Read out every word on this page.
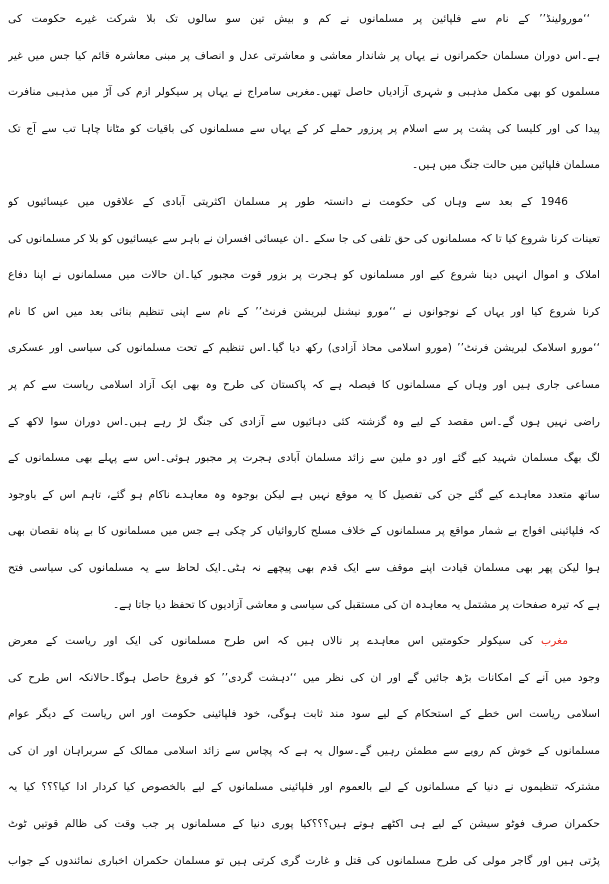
‘‘مورولینڈ’’ کے نام سے فلپائین پر مسلمانوں نے کم و بیش تین سو سالوں تک بلا شرکت غیرے حکومت کی
ہے۔اس دوران مسلمان حکمرانوں نے یہاں پر شاندار معاشی و معاشرتی عدل و انصاف پر مبنی معاشرہ قائم کیا جس میں غیر
مسلموں کو بھی مکمل مذہبی و شہری آزادیاں حاصل تھیں۔مغربی سامراج نے یہاں پر سیکولر ازم کی آڑ میں مذہبی منافرت
پیدا کی اور کلیسا کی پشت پر سے اسلام پر پرزور حملے کر کے یہاں سے مسلمانوں کی باقیات کو مٹانا چاہا تب سے آج تک
مسلمان فلپائین میں حالت جنگ میں ہیں۔
1946 کے بعد سے وہاں کی حکومت نے دانستہ طور پر مسلمان اکثریتی آبادی کے علاقوں میں عیسائیوں کو
تعینات کرنا شروع کیا تا کہ مسلمانوں کی حق تلفی کی جا سکے ۔ان عیسائی افسران نے باہر سے عیسائیوں کو بلا کر مسلمانوں کی
املاک و اموال انہیں دینا شروع کیے اور مسلمانوں کو ہجرت پر بزور قوت مجبور کیا۔ان حالات میں مسلمانوں نے اپنا دفاع
کرنا شروع کیا اور یہاں کے نوجوانوں نے ‘‘مورو نیشنل لبریشن فرنٹ’’ کے نام سے اپنی تنظیم بنائی بعد میں اس کا نام
‘‘مورو اسلامک لبریشن فرنٹ’’ (مورو اسلامی محاذ آزادی) رکھ دیا گیا۔اس تنظیم کے تحت مسلمانوں کی سیاسی اور عسکری
مساعی جاری ہیں اور وہاں کے مسلمانوں کا فیصلہ ہے کہ پاکستان کی طرح وہ بھی ایک آزاد اسلامی ریاست سے کم پر
راضی نہیں ہوں گے۔اس مقصد کے لیے وہ گزشتہ کئی دہائیوں سے آزادی کی جنگ لڑ رہے ہیں۔اس دوران سوا لاکھ کے
لگ بھگ مسلمان شہید کیے گئے اور دو ملین سے زائد مسلمان آبادی ہجرت پر مجبور ہوئی۔اس سے پہلے بھی مسلمانوں کے
ساتھ متعدد معاہدے کیے گئے جن کی تفصیل کا یہ موقع نہیں ہے لیکن بوجوہ وہ معاہدے ناکام ہو گئے، تاہم اس کے باوجود
کہ فلپائینی افواج بے شمار مواقع پر مسلمانوں کے خلاف مسلح کاروائیاں کر چکی ہے جس میں مسلمانوں کا بے پناہ نقصان بھی
ہوا لیکن پھر بھی مسلمان قیادت اپنے موقف سے ایک قدم بھی پیچھے نہ ہٹی۔ایک لحاظ سے یہ مسلمانوں کی سیاسی فتح
ہے کہ تیرہ صفحات پر مشتمل یہ معاہدہ ان کی مستقبل کی سیاسی و معاشی آزادیوں کا تحفظ دیا جاتا ہے۔
مغرب کی سیکولر حکومتیں اس معاہدے پر نالاں ہیں کہ اس طرح مسلمانوں کی ایک اور ریاست کے معرض
وجود میں آنے کے امکانات بڑھ جائیں گے اور ان کی نظر میں ‘‘دہشت گردی’’ کو فروغ حاصل ہوگا۔حالانکہ اس طرح کی
اسلامی ریاست اس خطے کے استحکام کے لیے سود مند ثابت ہوگی، خود فلپائینی حکومت اور اس ریاست کے دیگر عوام
مسلمانوں کے خوش کم رویے سے مطمئن رہیں گے۔سوال یہ ہے کہ پچاس سے زائد اسلامی ممالک کے سربراہان اور ان کی
مشترکہ تنظیموں نے دنیا کے مسلمانوں کے لیے بالعموم اور فلپائینی مسلمانوں کے لیے بالخصوص کیا کردار ادا کیا؟؟؟ کیا یہ
حکمران صرف فوٹو سیشن کے لیے ہی اکٹھے ہوتے ہیں؟؟؟کیا پوری دنیا کے مسلمانوں پر جب وقت کی ظالم قوتیں ٹوٹ
پڑتی ہیں اور گاجر مولی کی طرح مسلمانوں کی قتل و غارت گری کرتی ہیں تو مسلمان حکمران اخباری نمائندوں کے جواب
